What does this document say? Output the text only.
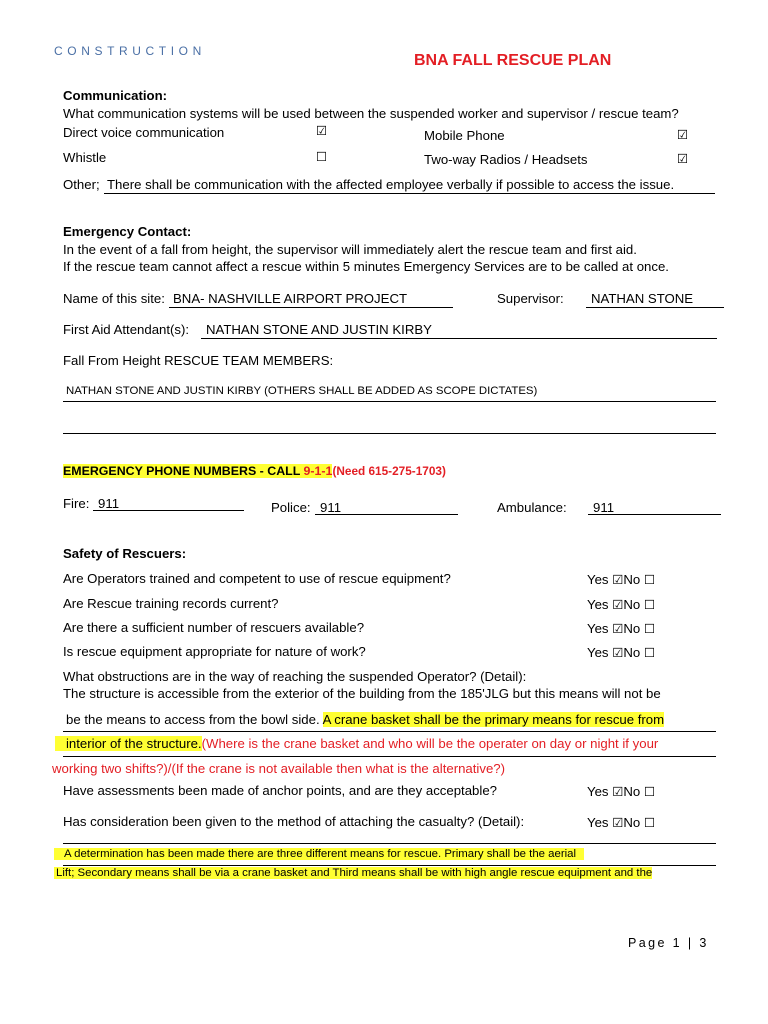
CONSTRUCTION
BNA FALL RESCUE PLAN
Communication:
What communication systems will be used between the suspended worker and supervisor / rescue team?
Direct voice communication	☑	Mobile Phone	☑
Whistle	☐	Two-way Radios / Headsets	☑
Other; There shall be communication with the affected employee verbally if possible to access the issue.
Emergency Contact:
In the event of a fall from height, the supervisor will immediately alert the rescue team and first aid.
If the rescue team cannot affect a rescue within 5 minutes Emergency Services are to be called at once.
Name of this site: BNA- NASHVILLE AIRPORT PROJECT	Supervisor: NATHAN STONE
First Aid Attendant(s): NATHAN STONE AND JUSTIN KIRBY
Fall From Height RESCUE TEAM MEMBERS:
NATHAN STONE AND JUSTIN KIRBY (OTHERS SHALL BE ADDED AS SCOPE DICTATES)
EMERGENCY PHONE NUMBERS - CALL 9-1-1(Need 615-275-1703)
Fire: 911	Police: 911	Ambulance: 911
Safety of Rescuers:
Are Operators trained and competent to use of rescue equipment?	Yes ☑No ☐
Are Rescue training records current?	Yes ☑No ☐
Are there a sufficient number of rescuers available?	Yes ☑No ☐
Is rescue equipment appropriate for nature of work?	Yes ☑No ☐
What obstructions are in the way of reaching the suspended Operator? (Detail):
The structure is accessible from the exterior of the building from the 185'JLG but this means will not be
be the means to access from the bowl side. A crane basket shall be the primary means for rescue from
interior of the structure.(Where is the crane basket and who will be the operater on day or night if your
working two shifts?)/(If the crane is not available then what is the alternative?)
Have assessments been made of anchor points, and are they acceptable?	Yes ☑No ☐
Has consideration been given to the method of attaching the casualty? (Detail):	Yes ☑No ☐
A determination has been made there are three different means for rescue. Primary shall be the aerial
Lift; Secondary means shall be via a crane basket and Third means shall be with high angle rescue equipment and the
Page 1 | 3
